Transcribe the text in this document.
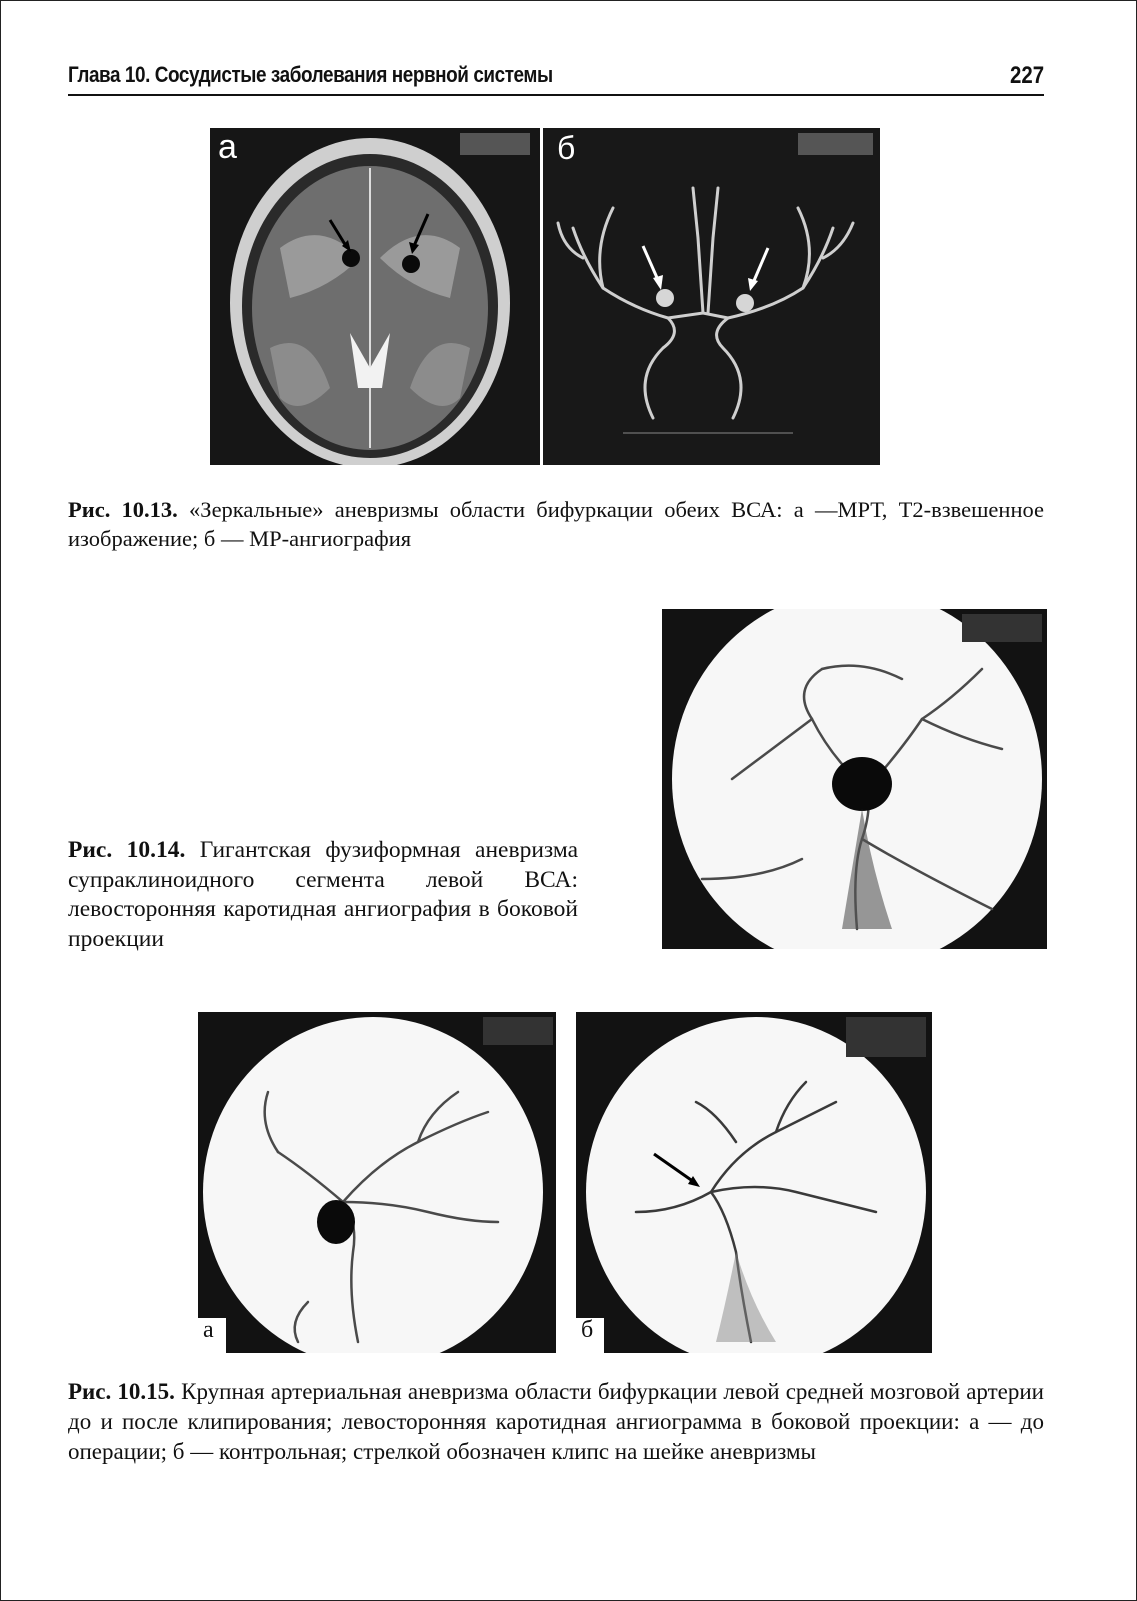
Глава 10. Сосудистые заболевания нервной системы	227
а	б
Рис. 10.13. «Зеркальные» аневризмы области бифуркации обеих ВСА: а —МРТ, Т2-взвешенное изображение; б — МР-ангиография
Рис. 10.14. Гигантская фузиформная аневризма супраклиноидного сегмента левой ВСА: левосторонняя каротидная ангиография в боковой проекции
а	б
Рис. 10.15. Крупная артериальная аневризма области бифуркации левой средней мозговой артерии до и после клипирования; левосторонняя каротидная ангиограмма в боковой проекции: а — до операции; б — контрольная; стрелкой обозначен клипс на шейке аневризмы
